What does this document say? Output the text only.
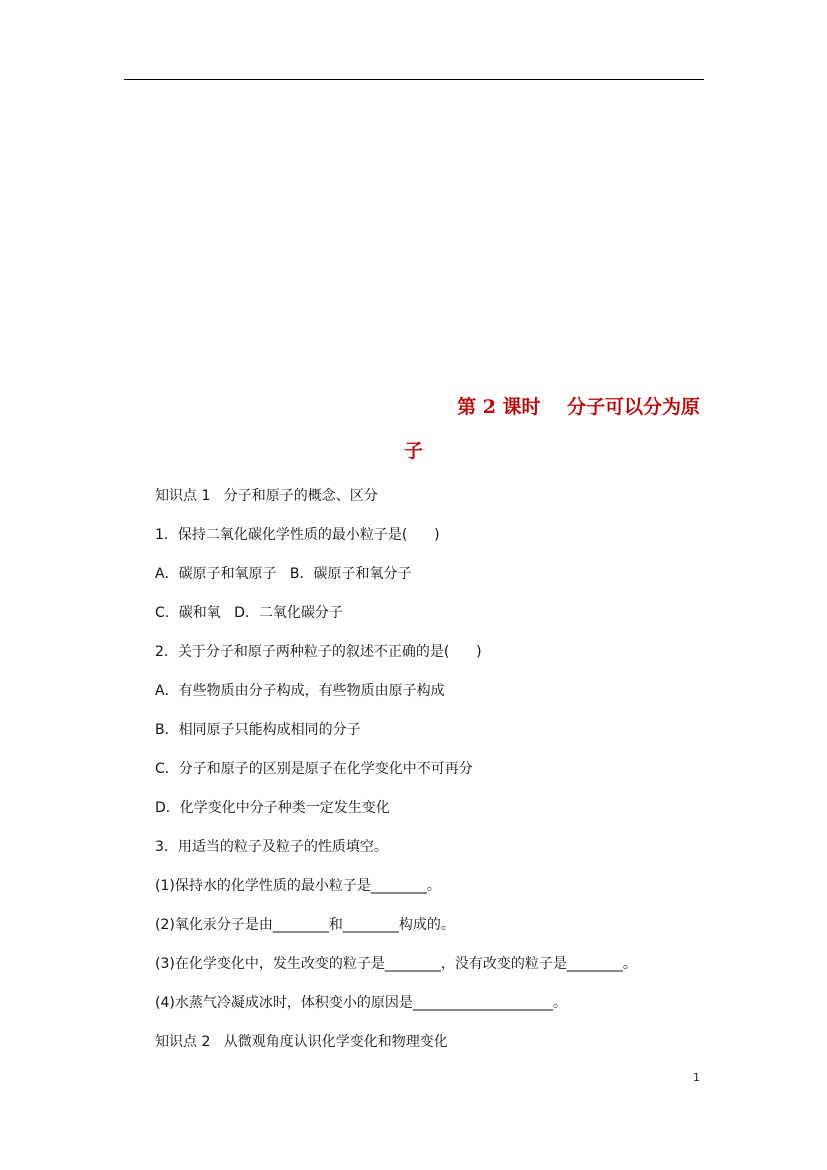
第 2 课时    分子可以分为原
子
知识点 1   分子和原子的概念、区分
1．保持二氧化碳化学性质的最小粒子是(      )
A．碳原子和氧原子   B．碳原子和氧分子
C．碳和氧   D．二氧化碳分子
2．关于分子和原子两种粒子的叙述不正确的是(      )
A．有些物质由分子构成，有些物质由原子构成
B．相同原子只能构成相同的分子
C．分子和原子的区别是原子在化学变化中不可再分
D．化学变化中分子种类一定发生变化
3．用适当的粒子及粒子的性质填空。
(1)保持水的化学性质的最小粒子是________。
(2)氧化汞分子是由________和________构成的。
(3)在化学变化中，发生改变的粒子是________，没有改变的粒子是________。
(4)水蒸气冷凝成冰时，体积变小的原因是____________________。
知识点 2   从微观角度认识化学变化和物理变化
1
